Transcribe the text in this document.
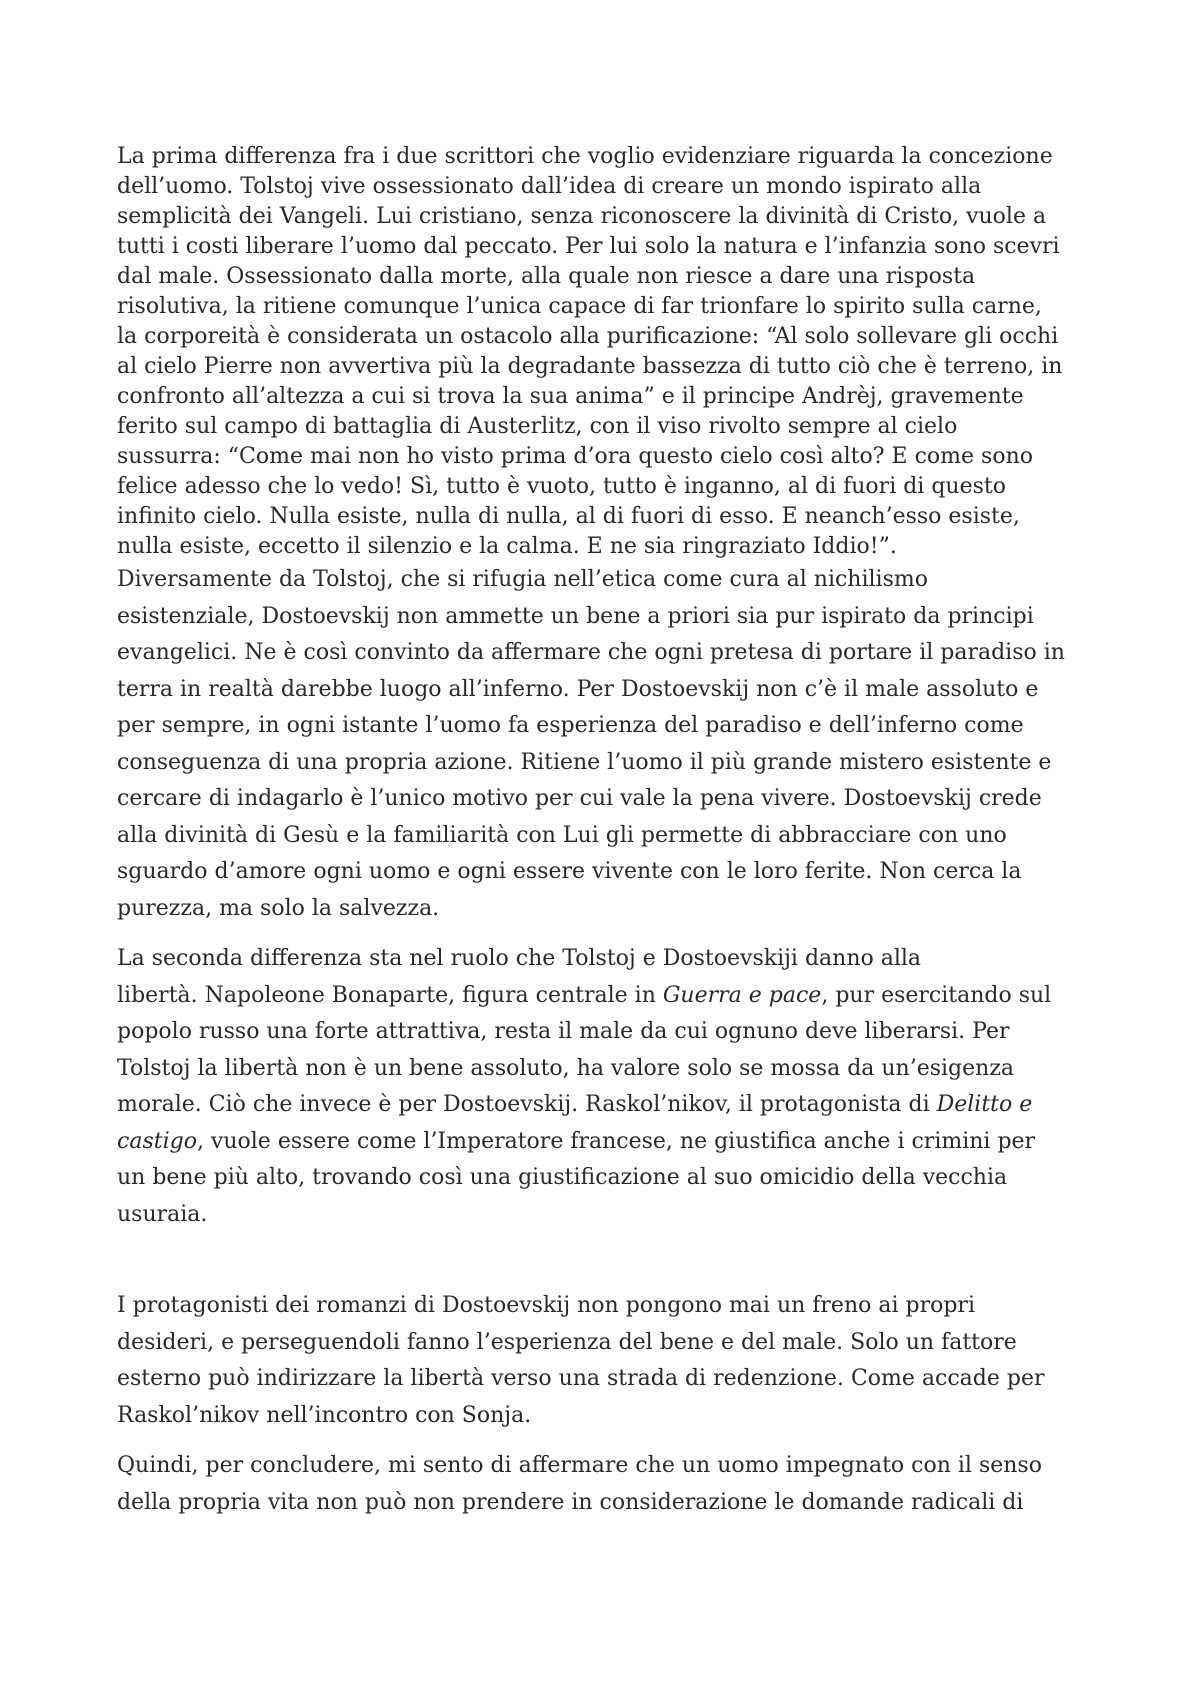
La prima differenza fra i due scrittori che voglio evidenziare riguarda la concezione
dell’uomo. Tolstoj vive ossessionato dall’idea di creare un mondo ispirato alla
semplicità dei Vangeli. Lui cristiano, senza riconoscere la divinità di Cristo, vuole a
tutti i costi liberare l’uomo dal peccato. Per lui solo la natura e l’infanzia sono scevri
dal male. Ossessionato dalla morte, alla quale non riesce a dare una risposta
risolutiva, la ritiene comunque l’unica capace di far trionfare lo spirito sulla carne,
la corporeità è considerata un ostacolo alla purificazione: “Al solo sollevare gli occhi
al cielo Pierre non avvertiva più la degradante bassezza di tutto ciò che è terreno, in
confronto all’altezza a cui si trova la sua anima” e il principe Andrèj, gravemente
ferito sul campo di battaglia di Austerlitz, con il viso rivolto sempre al cielo
sussurra: “Come mai non ho visto prima d’ora questo cielo così alto? E come sono
felice adesso che lo vedo! Sì, tutto è vuoto, tutto è inganno, al di fuori di questo
infinito cielo. Nulla esiste, nulla di nulla, al di fuori di esso. E neanch’esso esiste,
nulla esiste, eccetto il silenzio e la calma. E ne sia ringraziato Iddio!”.

Diversamente da Tolstoj, che si rifugia nell’etica come cura al nichilismo
esistenziale, Dostoevskij non ammette un bene a priori sia pur ispirato da principi
evangelici. Ne è così convinto da affermare che ogni pretesa di portare il paradiso in
terra in realtà darebbe luogo all’inferno. Per Dostoevskij non c’è il male assoluto e
per sempre, in ogni istante l’uomo fa esperienza del paradiso e dell’inferno come
conseguenza di una propria azione. Ritiene l’uomo il più grande mistero esistente e
cercare di indagarlo è l’unico motivo per cui vale la pena vivere. Dostoevskij crede
alla divinità di Gesù e la familiarità con Lui gli permette di abbracciare con uno
sguardo d’amore ogni uomo e ogni essere vivente con le loro ferite. Non cerca la
purezza, ma solo la salvezza.

La seconda differenza sta nel ruolo che Tolstoj e Dostoevskiji danno alla
libertà. Napoleone Bonaparte, figura centrale in Guerra e pace, pur esercitando sul
popolo russo una forte attrattiva, resta il male da cui ognuno deve liberarsi. Per
Tolstoj la libertà non è un bene assoluto, ha valore solo se mossa da un’esigenza
morale. Ciò che invece è per Dostoevskij. Raskol’nikov, il protagonista di Delitto e
castigo, vuole essere come l’Imperatore francese, ne giustifica anche i crimini per
un bene più alto, trovando così una giustificazione al suo omicidio della vecchia
usuraia.

I protagonisti dei romanzi di Dostoevskij non pongono mai un freno ai propri
desideri, e perseguendoli fanno l’esperienza del bene e del male. Solo un fattore
esterno può indirizzare la libertà verso una strada di redenzione. Come accade per
Raskol’nikov nell’incontro con Sonja.

Quindi, per concludere, mi sento di affermare che un uomo impegnato con il senso
della propria vita non può non prendere in considerazione le domande radicali di
